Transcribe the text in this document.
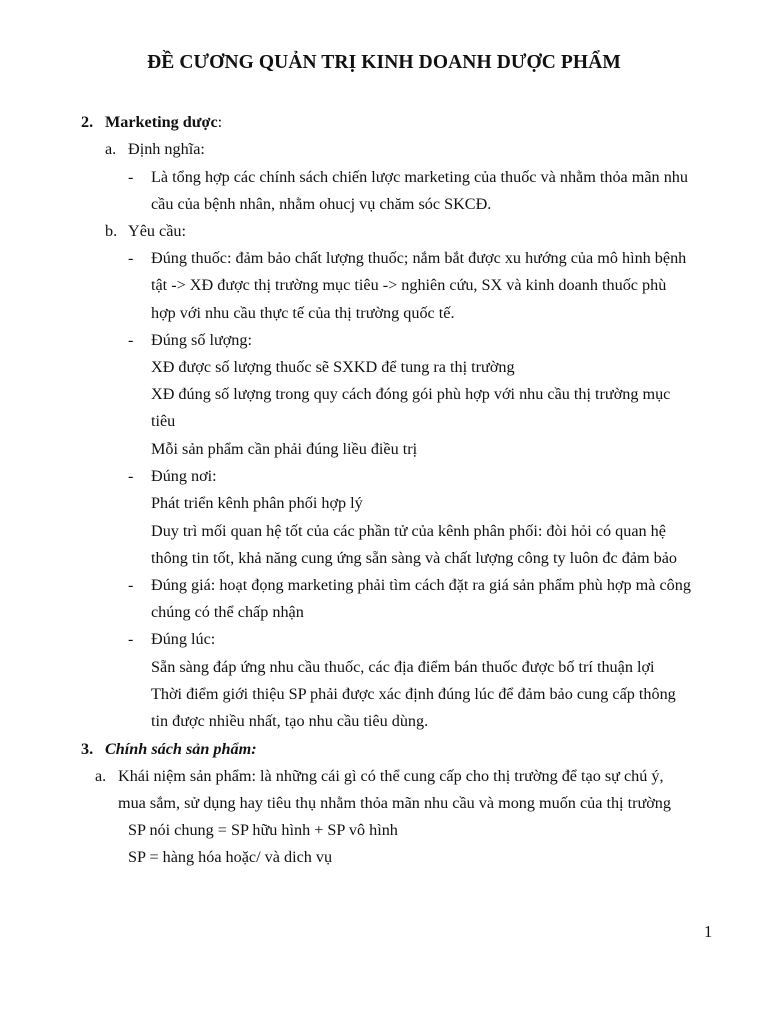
ĐỀ CƯƠNG QUẢN TRỊ KINH DOANH DƯỢC PHẨM
2. Marketing dược:
a. Định nghĩa:
- Là tổng hợp các chính sách chiến lược marketing của thuốc và nhằm thỏa mãn nhu
cầu của bệnh nhân, nhằm ohucj vụ chăm sóc SKCĐ.
b. Yêu cầu:
- Đúng thuốc: đảm bảo chất lượng thuốc; nắm bắt được xu hướng của mô hình bệnh
tật -> XĐ được thị trường mục tiêu -> nghiên cứu, SX và kinh doanh thuốc phù
hợp với nhu cầu thực tế của thị trường quốc tế.
- Đúng số lượng:
XĐ được số lượng thuốc sẽ SXKD để tung ra thị trường
XĐ đúng số lượng trong quy cách đóng gói phù hợp với nhu cầu thị trường mục
tiêu
Mỗi sản phẩm cần phải đúng liều điều trị
- Đúng nơi:
Phát triển kênh phân phối hợp lý
Duy trì mối quan hệ tốt của các phần tử của kênh phân phối: đòi hỏi có quan hệ
thông tin tốt, khả năng cung ứng sẵn sàng và chất lượng công ty luôn đc đảm bảo
- Đúng giá: hoạt đọng marketing phải tìm cách đặt ra giá sản phẩm phù hợp mà công
chúng có thể chấp nhận
- Đúng lúc:
Sẵn sàng đáp ứng nhu cầu thuốc, các địa điểm bán thuốc được bố trí thuận lợi
Thời điểm giới thiệu SP phải được xác định đúng lúc để đảm bảo cung cấp thông
tin được nhiều nhất, tạo nhu cầu tiêu dùng.
3. Chính sách sản phẩm:
a. Khái niệm sản phẩm: là những cái gì có thể cung cấp cho thị trường để tạo sự chú ý,
mua sắm, sử dụng hay tiêu thụ nhằm thỏa mãn nhu cầu và mong muốn của thị trường
SP nói chung = SP hữu hình + SP vô hình
SP = hàng hóa hoặc/ và dich vụ
1
